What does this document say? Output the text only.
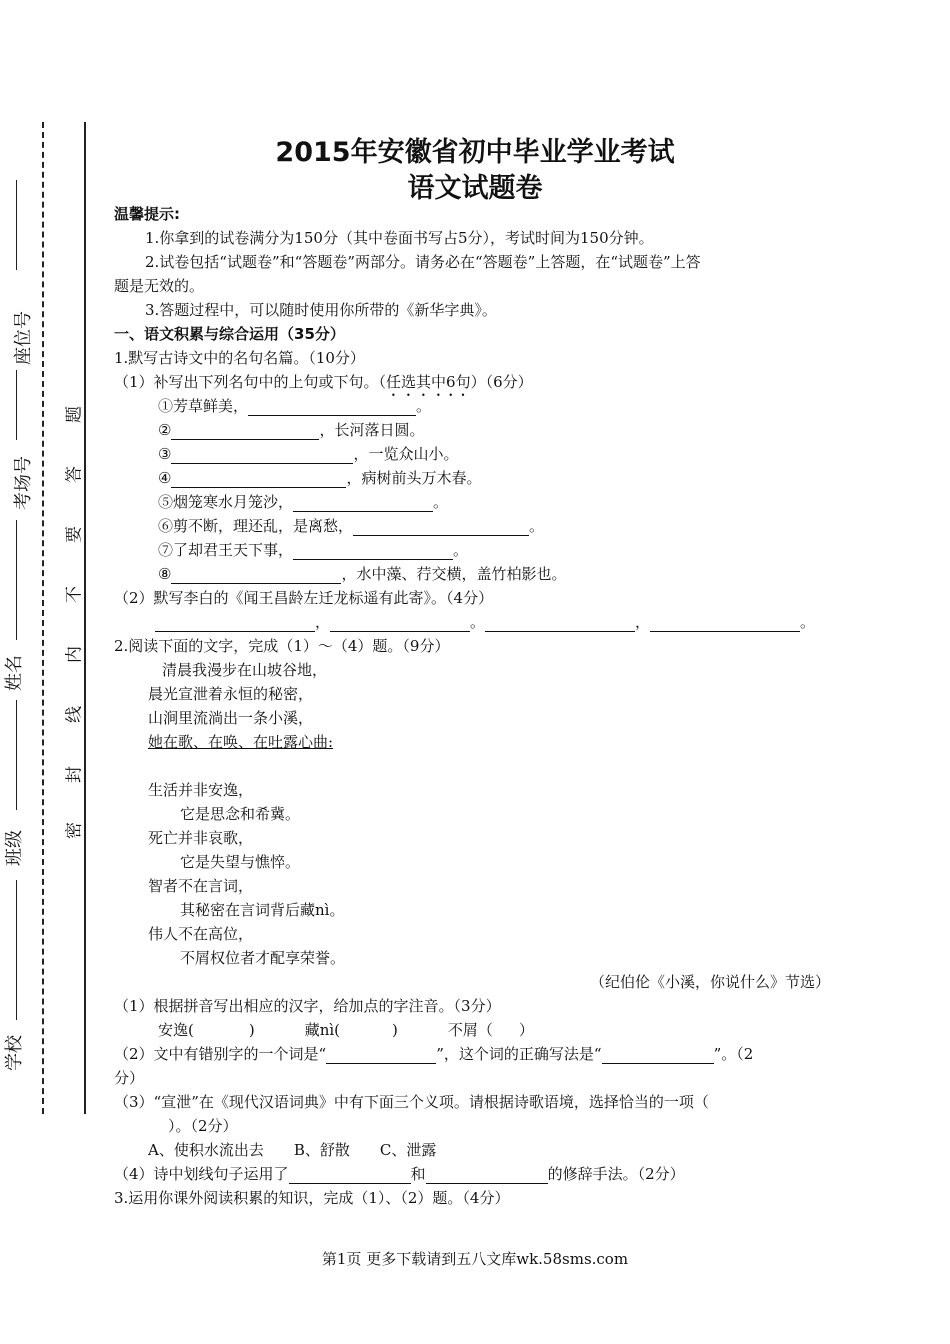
座位号
考场号
姓名
班级
学校
题
答
要
不
内
线
封
密
2015年安徽省初中毕业学业考试
语文试题卷
温馨提示:
1.你拿到的试卷满分为150分（其中卷面书写占5分），考试时间为150分钟。
2.试卷包括“试题卷”和“答题卷”两部分。请务必在“答题卷”上答题，在“试题卷”上答
题是无效的。
3.答题过程中，可以随时使用你所带的《新华字典》。
一、语文积累与综合运用（35分）
1.默写古诗文中的名句名篇。（10分）
（1）补写出下列名句中的上句或下句。（任选其中6句）（6分）
①芳草鲜美，	。
②	，长河落日圆。
③	，一览众山小。
④	，病树前头万木春。
⑤烟笼寒水月笼沙，	。
⑥剪不断，理还乱，是离愁，	。
⑦了却君王天下事，	。
⑧	，水中藻、荇交横，盖竹柏影也。
（2）默写李白的《闻王昌龄左迁龙标遥有此寄》。（4分）
，	。	，	。
2.阅读下面的文字，完成（1）～（4）题。（9分）
清晨我漫步在山坡谷地，
晨光宣泄着永恒的秘密，
山涧里流淌出一条小溪，
她在歌、在唤、在吐露心曲:
生活并非安逸，
它是思念和希冀。
死亡并非哀歌，
它是失望与憔悴。
智者不在言词，
其秘密在言词背后藏nì。
伟人不在高位，
不屑权位者才配享荣誉。
（纪伯伦《小溪，你说什么》节选）
（1）根据拼音写出相应的汉字，给加点的字注音。（3分）
安逸(	)	藏nì(	)	不屑（ ）
（2）文中有错别字的一个词是“	”，这个词的正确写法是“	”。（2
分）
（3）“宣泄”在《现代汉语词典》中有下面三个义项。请根据诗歌语境，选择恰当的一项（
）。（2分）
A、使积水流出去　　B、舒散　　C、泄露
（4）诗中划线句子运用了	和	的修辞手法。（2分）
3.运用你课外阅读积累的知识，完成（1）、（2）题。（4分）
第1页 更多下载请到五八文库wk.58sms.com
